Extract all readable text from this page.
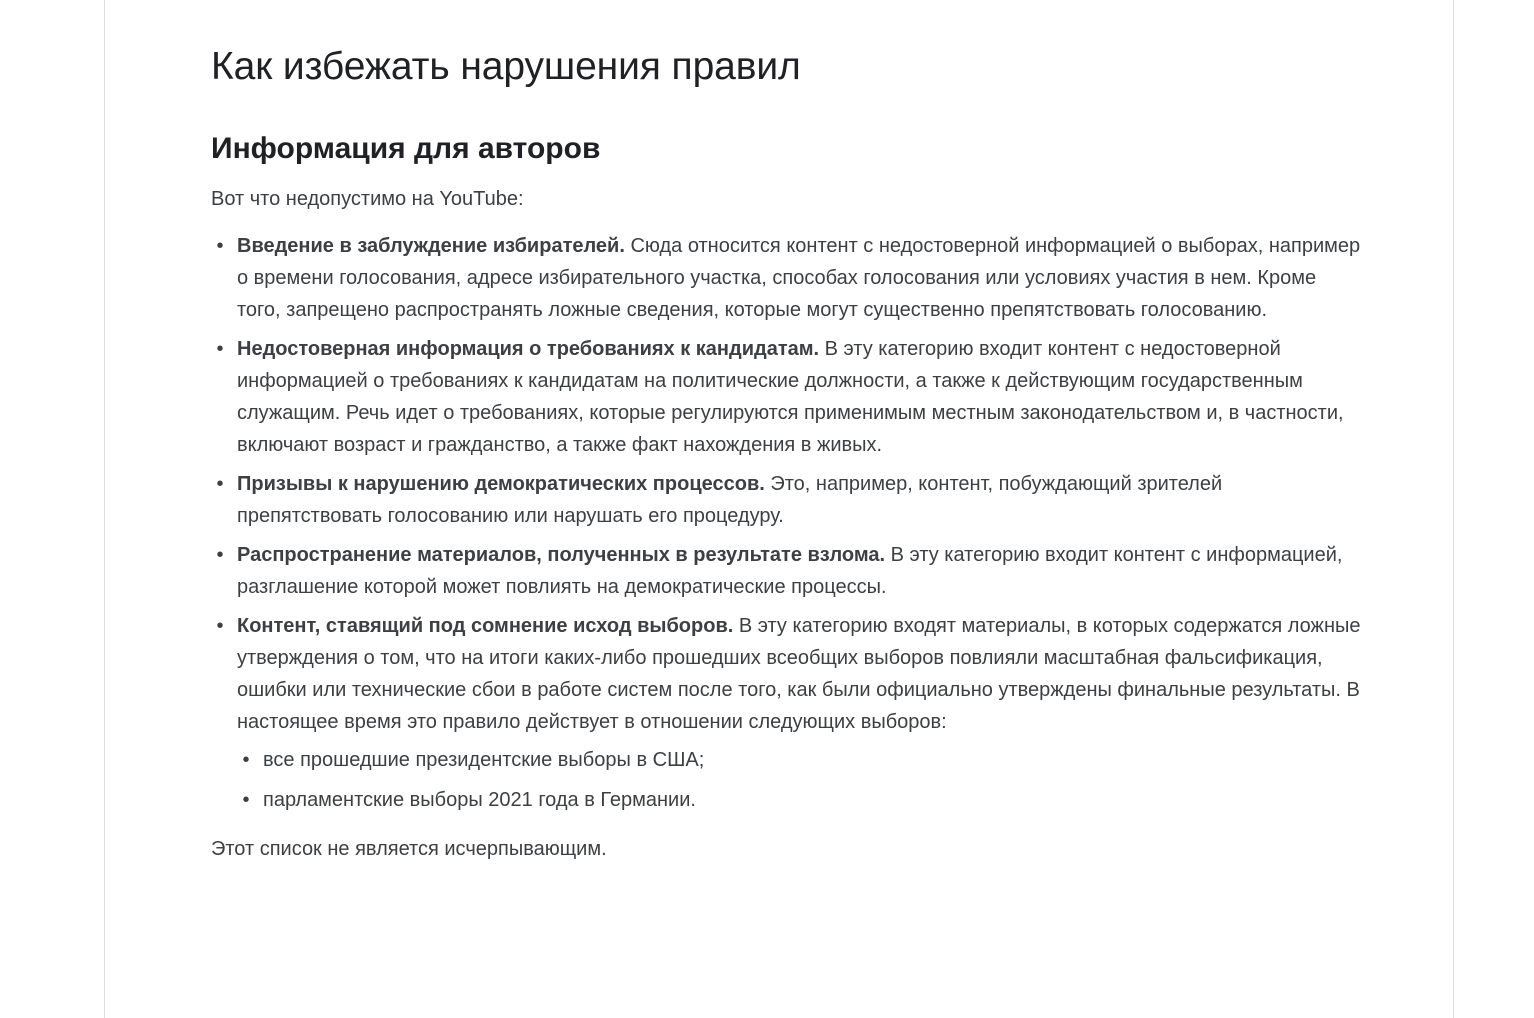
Как избежать нарушения правил
Информация для авторов

Вот что недопустимо на YouTube:

• Введение в заблуждение избирателей. Сюда относится контент с недостоверной информацией о выборах, например о времени голосования, адресе избирательного участка, способах голосования или условиях участия в нем. Кроме того, запрещено распространять ложные сведения, которые могут существенно препятствовать голосованию.
• Недостоверная информация о требованиях к кандидатам. В эту категорию входит контент с недостоверной информацией о требованиях к кандидатам на политические должности, а также к действующим государственным служащим. Речь идет о требованиях, которые регулируются применимым местным законодательством и, в частности, включают возраст и гражданство, а также факт нахождения в живых.
• Призывы к нарушению демократических процессов. Это, например, контент, побуждающий зрителей препятствовать голосованию или нарушать его процедуру.
• Распространение материалов, полученных в результате взлома. В эту категорию входит контент с информацией, разглашение которой может повлиять на демократические процессы.
• Контент, ставящий под сомнение исход выборов. В эту категорию входят материалы, в которых содержатся ложные утверждения о том, что на итоги каких-либо прошедших всеобщих выборов повлияли масштабная фальсификация, ошибки или технические сбои в работе систем после того, как были официально утверждены финальные результаты. В настоящее время это правило действует в отношении следующих выборов:
• все прошедшие президентские выборы в США;
• парламентские выборы 2021 года в Германии.

Этот список не является исчерпывающим.
